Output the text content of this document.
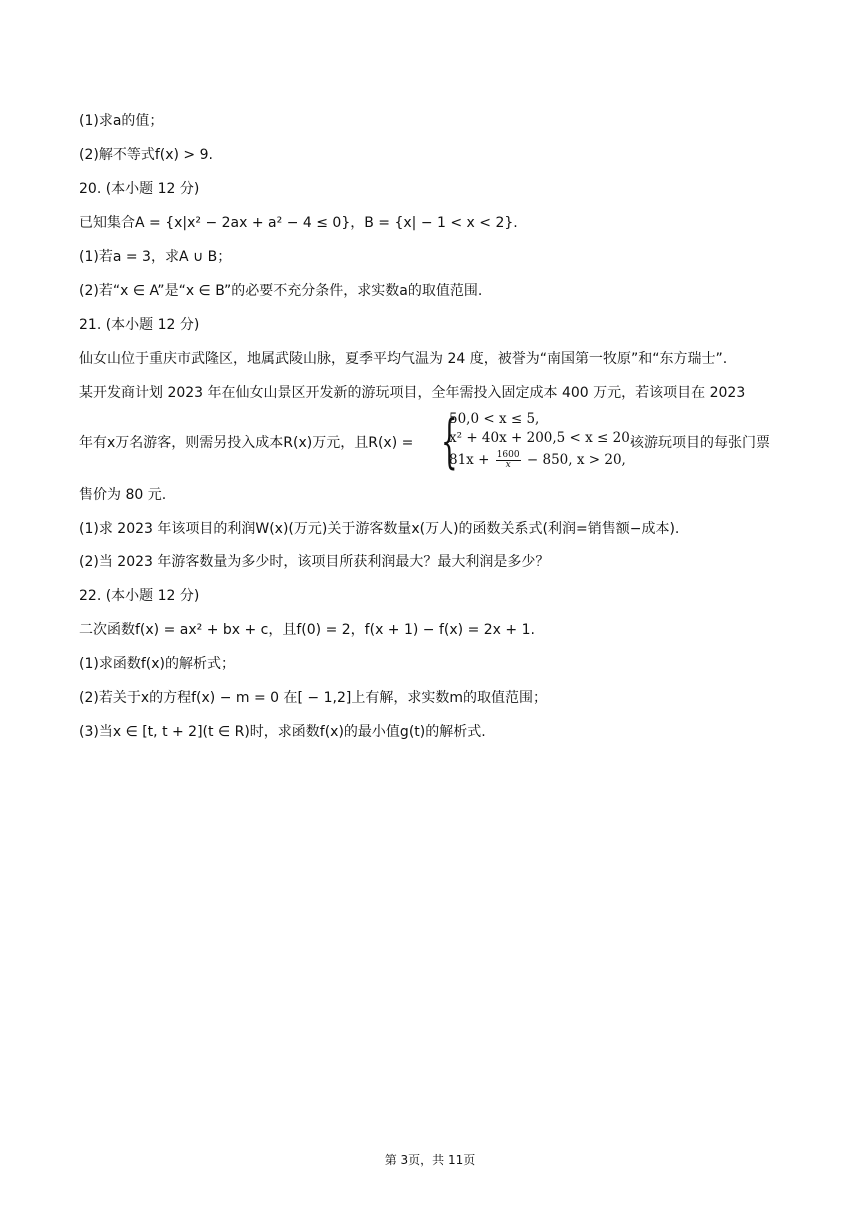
(1)求a的值；
(2)解不等式f(x) > 9.
20. (本小题 12 分)
已知集合A = {x|x² − 2ax + a² − 4 ≤ 0}，B = {x| − 1 < x < 2}.
(1)若a = 3，求A ∪ B；
(2)若“x ∈ A”是“x ∈ B”的必要不充分条件，求实数a的取值范围.
21. (本小题 12 分)
仙女山位于重庆市武隆区，地属武陵山脉，夏季平均气温为 24 度，被誉为“南国第一牧原”和“东方瑞士”.
某开发商计划 2023 年在仙女山景区开发新的游玩项目，全年需投入固定成本 400 万元，若该项目在 2023
年有x万名游客，则需另投入成本R(x)万元，且R(x) = {
50,0 < x ≤ 5,
x² + 40x + 200,5 < x ≤ 20,
$81x + \frac{1600}{x} - 850$, x > 20,
该游玩项目的每张门票
售价为 80 元.
(1)求 2023 年该项目的利润W(x)(万元)关于游客数量x(万人)的函数关系式(利润=销售额−成本).
(2)当 2023 年游客数量为多少时，该项目所获利润最大？最大利润是多少？
22. (本小题 12 分)
二次函数f(x) = ax² + bx + c，且f(0) = 2，f(x + 1) − f(x) = 2x + 1.
(1)求函数f(x)的解析式；
(2)若关于x的方程f(x) − m = 0 在[ − 1,2]上有解，求实数m的取值范围；
(3)当x ∈ [t, t + 2](t ∈ R)时，求函数f(x)的最小值g(t)的解析式.
第 3页，共 11页
